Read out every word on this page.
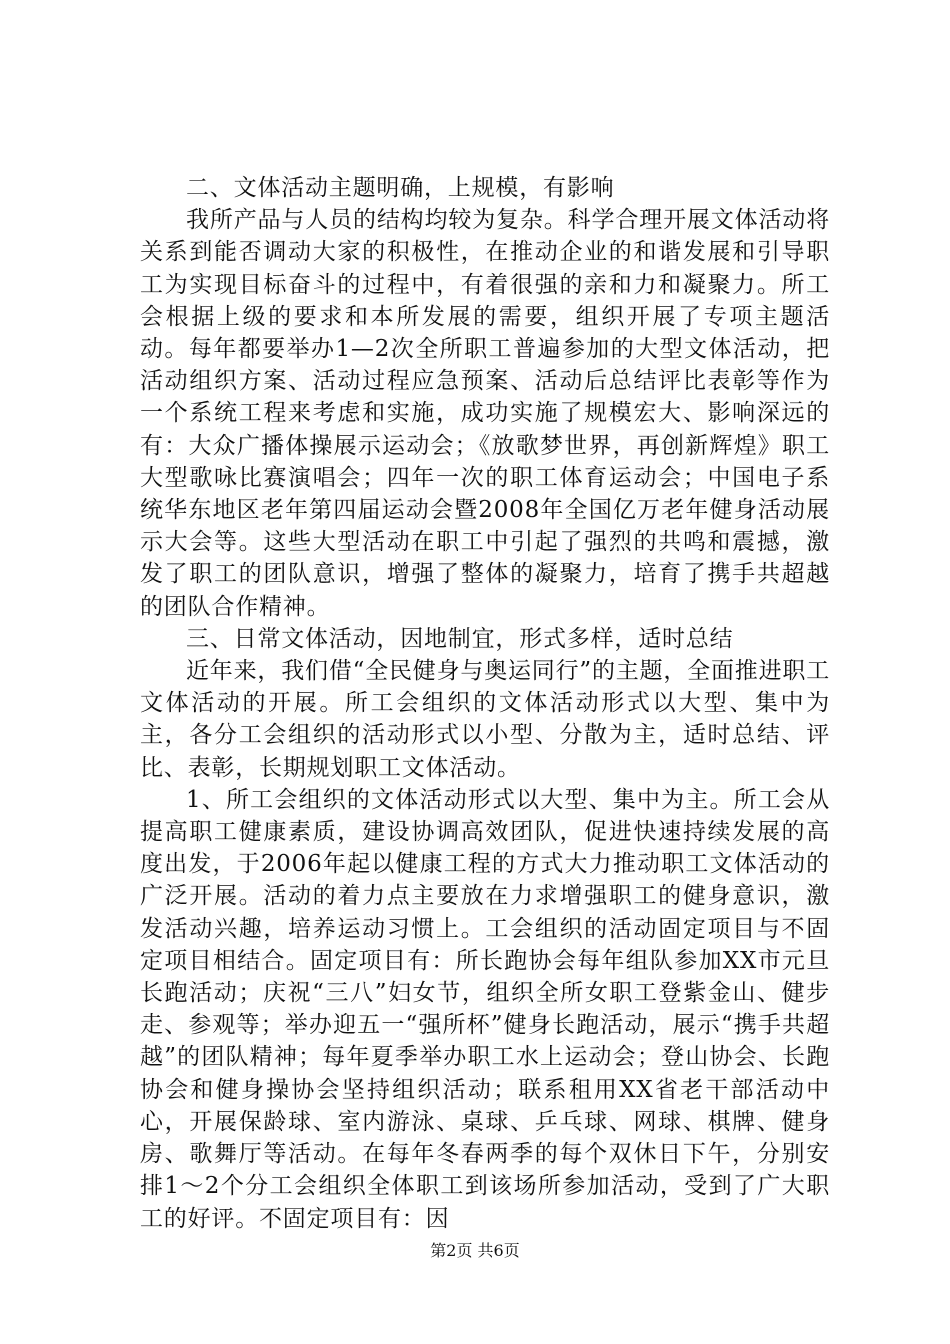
二、文体活动主题明确，上规模，有影响

我所产品与人员的结构均较为复杂。科学合理开展文体活动将关系到能否调动大家的积极性，在推动企业的和谐发展和引导职工为实现目标奋斗的过程中，有着很强的亲和力和凝聚力。所工会根据上级的要求和本所发展的需要，组织开展了专项主题活动。每年都要举办1—2次全所职工普遍参加的大型文体活动，把活动组织方案、活动过程应急预案、活动后总结评比表彰等作为一个系统工程来考虑和实施，成功实施了规模宏大、影响深远的有：大众广播体操展示运动会；《放歌梦世界，再创新辉煌》职工大型歌咏比赛演唱会；四年一次的职工体育运动会；中国电子系统华东地区老年第四届运动会暨2008年全国亿万老年健身活动展示大会等。这些大型活动在职工中引起了强烈的共鸣和震撼，激发了职工的团队意识，增强了整体的凝聚力，培育了携手共超越的团队合作精神。

三、日常文体活动，因地制宜，形式多样，适时总结

近年来，我们借“全民健身与奥运同行”的主题，全面推进职工文体活动的开展。所工会组织的文体活动形式以大型、集中为主，各分工会组织的活动形式以小型、分散为主，适时总结、评比、表彰，长期规划职工文体活动。

1、所工会组织的文体活动形式以大型、集中为主。所工会从提高职工健康素质，建设协调高效团队，促进快速持续发展的高度出发，于2006年起以健康工程的方式大力推动职工文体活动的广泛开展。活动的着力点主要放在力求增强职工的健身意识，激发活动兴趣，培养运动习惯上。工会组织的活动固定项目与不固定项目相结合。固定项目有：所长跑协会每年组队参加XX市元旦长跑活动；庆祝“三八”妇女节，组织全所女职工登紫金山、健步走、参观等；举办迎五一“强所杯”健身长跑活动，展示“携手共超越”的团队精神；每年夏季举办职工水上运动会；登山协会、长跑协会和健身操协会坚持组织活动；联系租用XX省老干部活动中心，开展保龄球、室内游泳、桌球、乒乓球、网球、棋牌、健身房、歌舞厅等活动。在每年冬春两季的每个双休日下午，分别安排1～2个分工会组织全体职工到该场所参加活动，受到了广大职工的好评。不固定项目有：因

第2页 共6页
